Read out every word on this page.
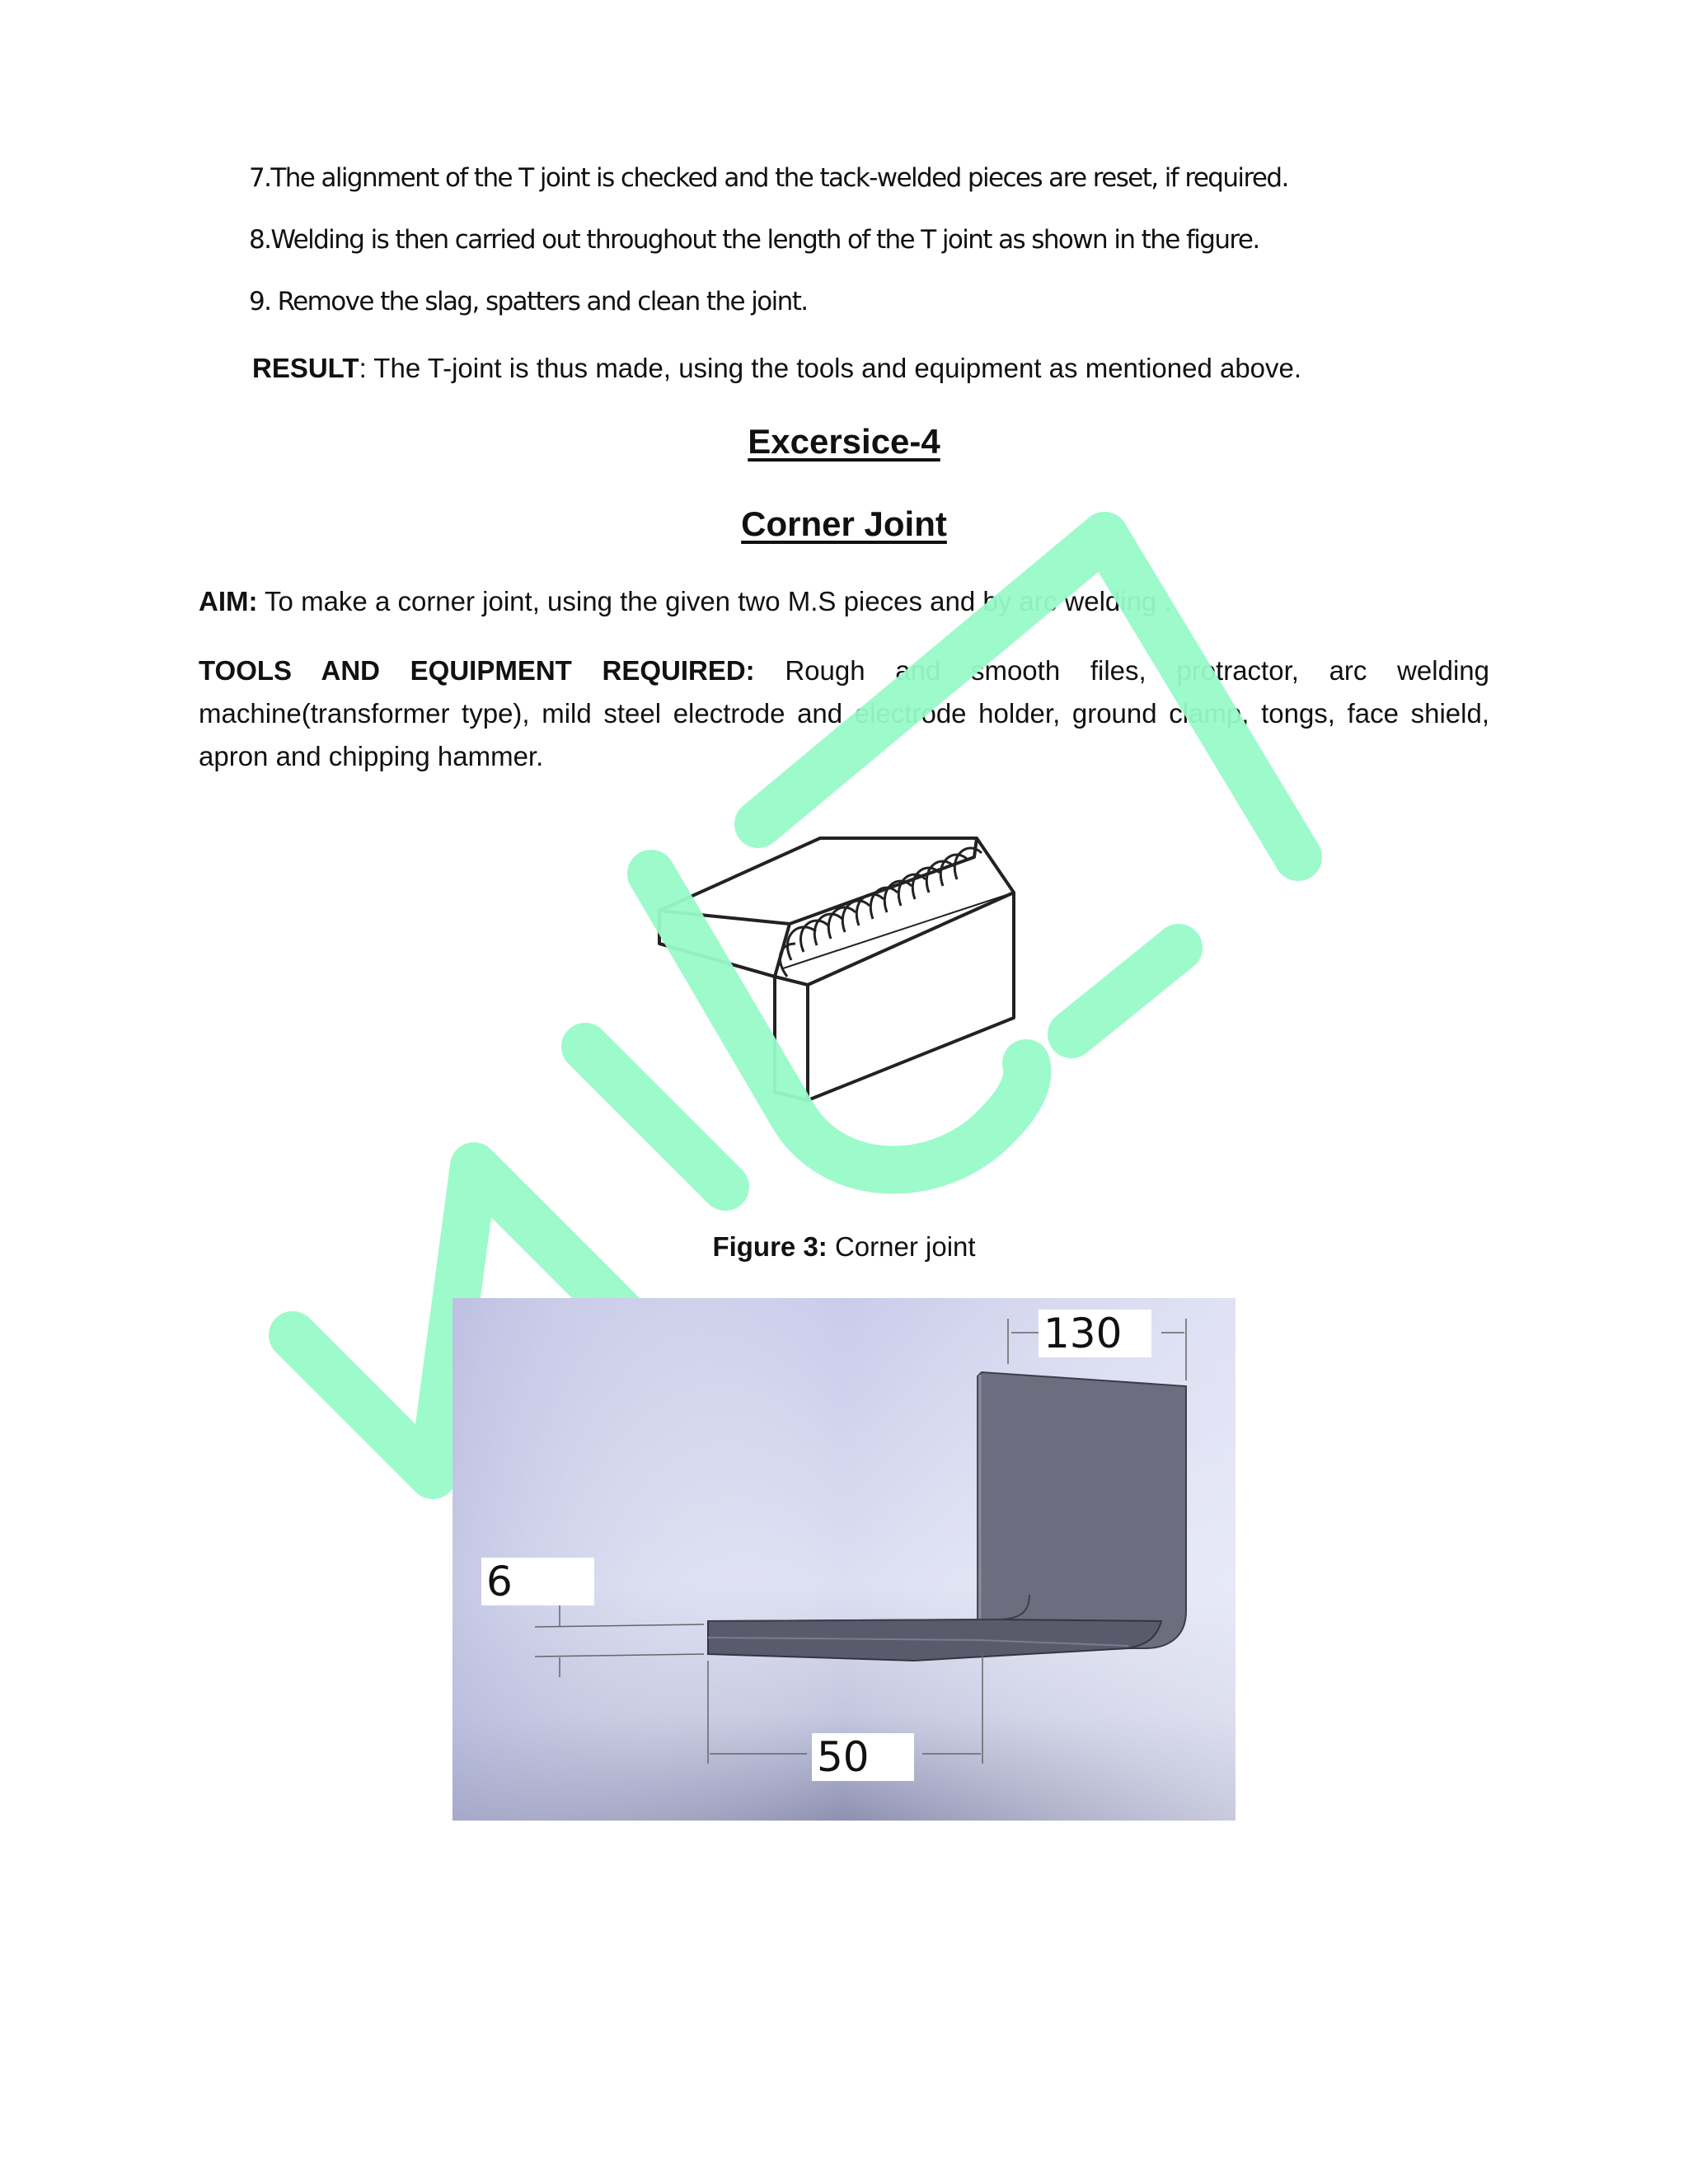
7.The alignment of the T joint is checked and the tack-welded pieces are reset, if required.

8.Welding is then carried out throughout the length of the T joint as shown in the figure.

9. Remove the slag, spatters and clean the joint.

RESULT: The T-joint is thus made, using the tools and equipment as mentioned above.

Excersice-4
Corner Joint

AIM: To make a corner joint, using the given two M.S pieces and by arc welding .

TOOLS AND EQUIPMENT REQUIRED: Rough and smooth files, protractor, arc welding machine(transformer type), mild steel electrode and electrode holder, ground clamp, tongs, face shield, apron and chipping hammer.

Figure 3: Corner joint

130
6
50
